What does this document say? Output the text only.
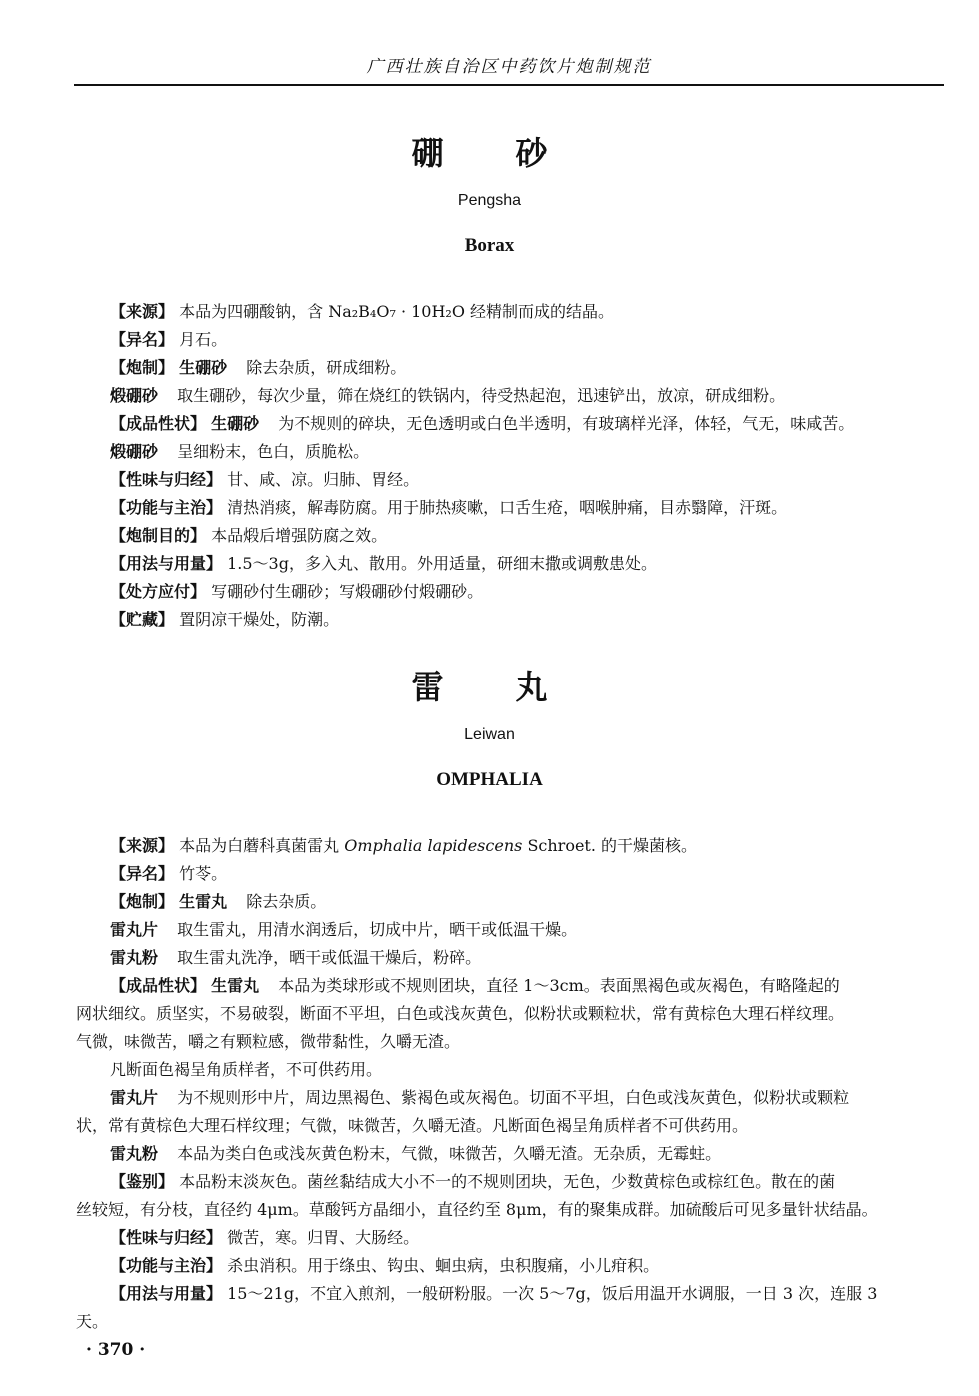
广西壮族自治区中药饮片炮制规范
硼　砂
Pengsha
Borax
【来源】 本品为四硼酸钠，含 Na₂B₄O₇ · 10H₂O 经精制而成的结晶。
【异名】 月石。
【炮制】 生硼砂 除去杂质，研成细粉。
煅硼砂 取生硼砂，每次少量，筛在烧红的铁锅内，待受热起泡，迅速铲出，放凉，研成细粉。
【成品性状】 生硼砂 为不规则的碎块，无色透明或白色半透明，有玻璃样光泽，体轻，气无，味咸苦。
煅硼砂 呈细粉末，色白，质脆松。
【性味与归经】 甘、咸、凉。归肺、胃经。
【功能与主治】 清热消痰，解毒防腐。用于肺热痰嗽，口舌生疮，咽喉肿痛，目赤翳障，汗斑。
【炮制目的】 本品煅后增强防腐之效。
【用法与用量】 1.5～3g，多入丸、散用。外用适量，研细末撒或调敷患处。
【处方应付】 写硼砂付生硼砂；写煅硼砂付煅硼砂。
【贮藏】 置阴凉干燥处，防潮。
雷　丸
Leiwan
OMPHALIA
【来源】 本品为白蘑科真菌雷丸 Omphalia lapidescens Schroet. 的干燥菌核。
【异名】 竹苓。
【炮制】 生雷丸 除去杂质。
雷丸片 取生雷丸，用清水润透后，切成中片，晒干或低温干燥。
雷丸粉 取生雷丸洗净，晒干或低温干燥后，粉碎。
【成品性状】 生雷丸 本品为类球形或不规则团块，直径 1～3cm。表面黑褐色或灰褐色，有略隆起的
网状细纹。质坚实，不易破裂，断面不平坦，白色或浅灰黄色，似粉状或颗粒状，常有黄棕色大理石样纹理。
气微，味微苦，嚼之有颗粒感，微带黏性，久嚼无渣。
凡断面色褐呈角质样者，不可供药用。
雷丸片 为不规则形中片，周边黑褐色、紫褐色或灰褐色。切面不平坦，白色或浅灰黄色，似粉状或颗粒
状，常有黄棕色大理石样纹理；气微，味微苦，久嚼无渣。凡断面色褐呈角质样者不可供药用。
雷丸粉 本品为类白色或浅灰黄色粉末，气微，味微苦，久嚼无渣。无杂质，无霉蛀。
【鉴别】 本品粉末淡灰色。菌丝黏结成大小不一的不规则团块，无色，少数黄棕色或棕红色。散在的菌
丝较短，有分枝，直径约 4μm。草酸钙方晶细小，直径约至 8μm，有的聚集成群。加硫酸后可见多量针状结晶。
【性味与归经】 微苦，寒。归胃、大肠经。
【功能与主治】 杀虫消积。用于绦虫、钩虫、蛔虫病，虫积腹痛，小儿疳积。
【用法与用量】 15～21g，不宜入煎剂，一般研粉服。一次 5～7g，饭后用温开水调服，一日 3 次，连服 3
天。
· 370 ·
